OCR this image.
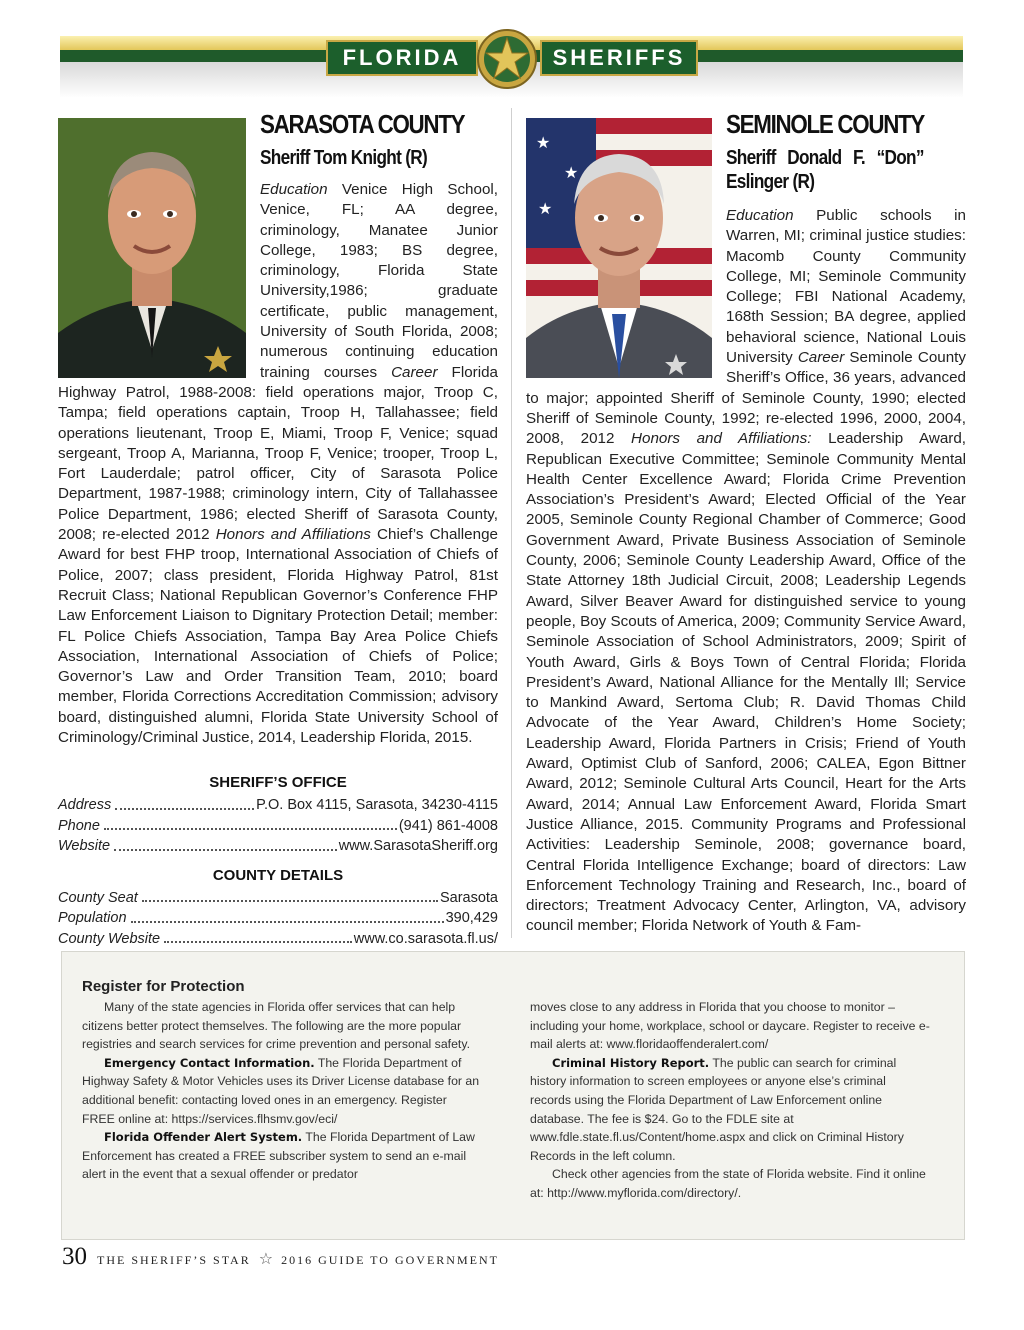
FLORIDA	SHERIFFS
SARASOTA COUNTY
Sheriff Tom Knight (R)
Education Venice High School, Venice, FL; AA degree, criminology, Manatee Junior College, 1983; BS degree, criminology, Florida State University,1986; graduate certificate, public management, University of South Florida, 2008; numerous continuing education training courses Career Florida Highway Patrol, 1988-2008: field operations major, Troop C, Tampa; field operations captain, Troop H, Tallahassee; field operations lieutenant, Troop E, Miami, Troop F, Venice; squad sergeant, Troop A, Marianna, Troop F, Venice; trooper, Troop L, Fort Lauderdale; patrol officer, City of Sarasota Police Department, 1987-1988; criminology intern, City of Tallahassee Police Department, 1986; elected Sheriff of Sarasota County, 2008; re-elected 2012 Honors and Affiliations Chief’s Challenge Award for best FHP troop, International Association of Chiefs of Police, 2007; class president, Florida Highway Patrol, 81st Recruit Class; National Republican Governor’s Conference FHP Law Enforcement Liaison to Dignitary Protection Detail; member: FL Police Chiefs Association, Tampa Bay Area Police Chiefs Association, International Association of Chiefs of Police; Governor’s Law and Order Transition Team, 2010; board member, Florida Corrections Accreditation Commission; advisory board, distinguished alumni, Florida State University School of Criminology/Criminal Justice, 2014, Leadership Florida, 2015.
SHERIFF’S OFFICE
Address	P.O. Box 4115, Sarasota, 34230-4115
Phone	(941) 861-4008
Website	www.SarasotaSheriff.org
COUNTY DETAILS
County Seat	Sarasota
Population	390,429
County Website	www.co.sarasota.fl.us/
SEMINOLE COUNTY
Sheriff Donald F. “Don” Eslinger (R)
Education Public schools in Warren, MI; criminal justice studies: Macomb County Community College, MI; Seminole Community College; FBI National Academy, 168th Session; BA degree, applied behavioral science, National Louis University Career Seminole County Sheriff’s Office, 36 years, advanced to major; appointed Sheriff of Seminole County, 1990; elected Sheriff of Seminole County, 1992; re-elected 1996, 2000, 2004, 2008, 2012 Honors and Affiliations: Leadership Award, Republican Executive Committee; Seminole Community Mental Health Center Excellence Award; Florida Crime Prevention Association’s President’s Award; Elected Official of the Year 2005, Seminole County Regional Chamber of Commerce; Good Government Award, Private Business Association of Seminole County, 2006; Seminole County Leadership Award, Office of the State Attorney 18th Judicial Circuit, 2008; Leadership Legends Award, Silver Beaver Award for distinguished service to young people, Boy Scouts of America, 2009; Community Service Award, Seminole Association of School Administrators, 2009; Spirit of Youth Award, Girls & Boys Town of Central Florida; Florida President’s Award, National Alliance for the Mentally Ill; Service to Mankind Award, Sertoma Club; R. David Thomas Child Advocate of the Year Award, Children’s Home Society; Leadership Award, Florida Partners in Crisis; Friend of Youth Award, Optimist Club of Sanford, 2006; CALEA, Egon Bittner Award, 2012; Seminole Cultural Arts Council, Heart for the Arts Award, 2014; Annual Law Enforcement Award, Florida Smart Justice Alliance, 2015. Community Programs and Professional Activities: Leadership Seminole, 2008; governance board, Central Florida Intelligence Exchange; board of directors: Law Enforcement Technology Training and Research, Inc., board of directors; Treatment Advocacy Center, Arlington, VA, advisory council member; Florida Network of Youth & Fam-
★
★
★
Register for Protection

Many of the state agencies in Florida offer services that can help citizens better protect themselves. The following are the more popular registries and search services for crime prevention and personal safety.

Emergency Contact Information. The Florida Department of Highway Safety & Motor Vehicles uses its Driver License database for an additional benefit: contacting loved ones in an emergency. Register FREE online at: https://services.flhsmv.gov/eci/

Florida Offender Alert System. The Florida Department of Law Enforcement has created a FREE subscriber system to send an e-mail alert in the event that a sexual offender or predator

moves close to any address in Florida that you choose to monitor – including your home, workplace, school or daycare. Register to receive e-mail alerts at: www.floridaoffenderalert.com/

Criminal History Report. The public can search for criminal history information to screen employees or anyone else’s criminal records using the Florida Department of Law Enforcement online database. The fee is $24. Go to the FDLE site at www.fdle.state.fl.us/Content/home.aspx and click on Criminal History Records in the left column.

Check other agencies from the state of Florida website. Find it online at: http://www.myflorida.com/directory/.

30 THE SHERIFF’S STAR ☆ 2016 GUIDE TO GOVERNMENT
